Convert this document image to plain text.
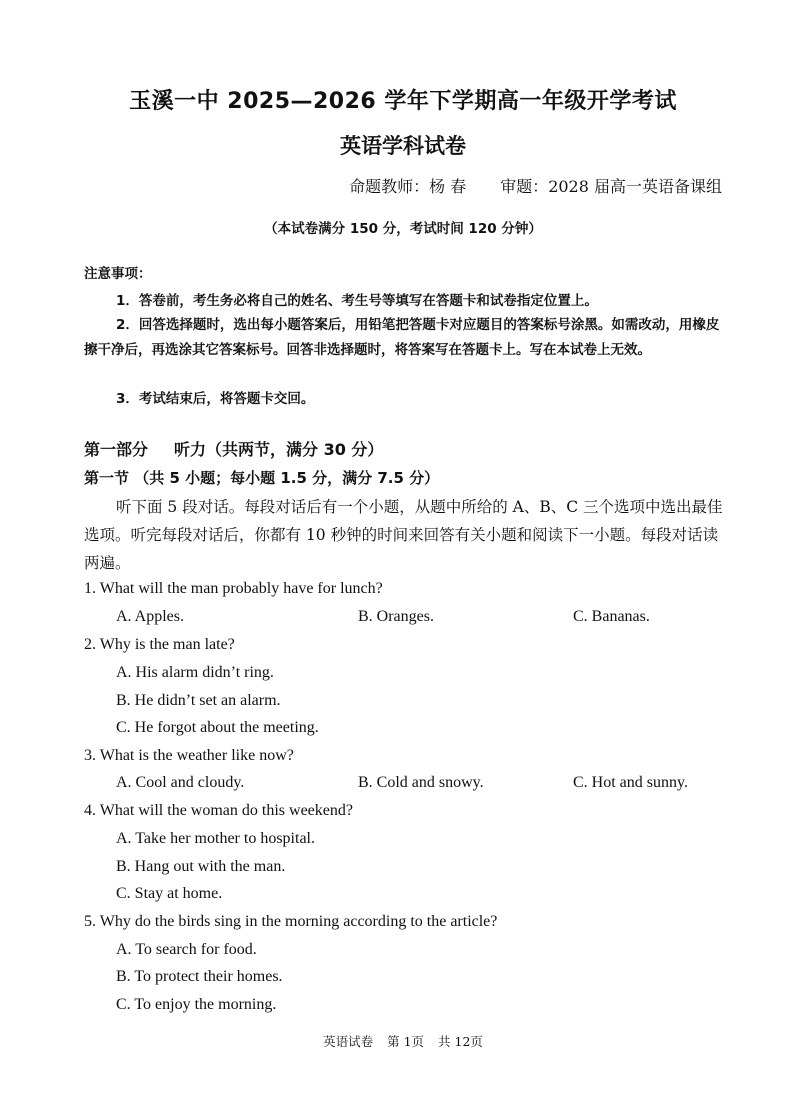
玉溪一中 2025—2026 学年下学期高一年级开学考试
英语学科试卷
命题教师：杨 春 审题：2028 届高一英语备课组
（本试卷满分 150 分，考试时间 120 分钟）
注意事项：
1．答卷前，考生务必将自己的姓名、考生号等填写在答题卡和试卷指定位置上。
2．回答选择题时，选出每小题答案后，用铅笔把答题卡对应题目的答案标号涂黑。如需改动，用橡皮擦干净后，再选涂其它答案标号。回答非选择题时，将答案写在答题卡上。写在本试卷上无效。
3．考试结束后，将答题卡交回。
第一部分 听力（共两节，满分 30 分）
第一节 （共 5 小题；每小题 1.5 分，满分 7.5 分）
听下面 5 段对话。每段对话后有一个小题，从题中所给的 A、B、C 三个选项中选出最佳选项。听完每段对话后，你都有 10 秒钟的时间来回答有关小题和阅读下一小题。每段对话读两遍。
1. What will the man probably have for lunch?
A. Apples.	B. Oranges.	C. Bananas.
2. Why is the man late?
A. His alarm didn’t ring.
B. He didn’t set an alarm.
C. He forgot about the meeting.
3. What is the weather like now?
A. Cool and cloudy.	B. Cold and snowy.	C. Hot and sunny.
4. What will the woman do this weekend?
A. Take her mother to hospital.
B. Hang out with the man.
C. Stay at home.
5. Why do the birds sing in the morning according to the article?
A. To search for food.
B. To protect their homes.
C. To enjoy the morning.
英语试卷 第 1页 共 12页
